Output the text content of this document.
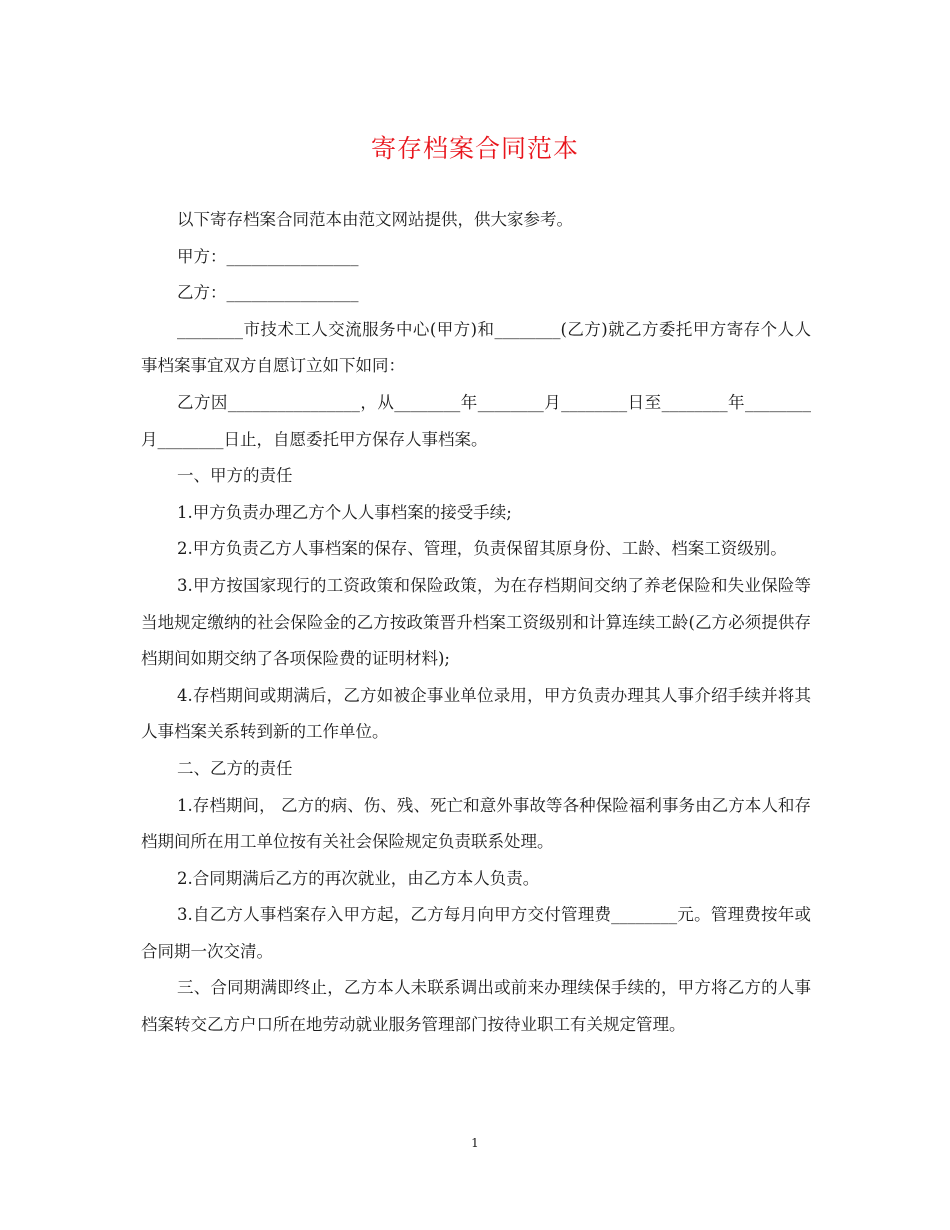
寄存档案合同范本

以下寄存档案合同范本由范文网站提供，供大家参考。

甲方：________________

乙方：________________

________市技术工人交流服务中心(甲方)和________(乙方)就乙方委托甲方寄存个人人事档案事宜双方自愿订立如下如同：

乙方因________________，从________年________月________日至________年________月________日止，自愿委托甲方保存人事档案。

一、甲方的责任

1.甲方负责办理乙方个人人事档案的接受手续;

2.甲方负责乙方人事档案的保存、管理，负责保留其原身份、工龄、档案工资级别。

3.甲方按国家现行的工资政策和保险政策，为在存档期间交纳了养老保险和失业保险等当地规定缴纳的社会保险金的乙方按政策晋升档案工资级别和计算连续工龄(乙方必须提供存档期间如期交纳了各项保险费的证明材料);

4.存档期间或期满后，乙方如被企事业单位录用，甲方负责办理其人事介绍手续并将其人事档案关系转到新的工作单位。

二、乙方的责任

1.存档期间， 乙方的病、伤、残、死亡和意外事故等各种保险福利事务由乙方本人和存档期间所在用工单位按有关社会保险规定负责联系处理。

2.合同期满后乙方的再次就业，由乙方本人负责。

3.自乙方人事档案存入甲方起，乙方每月向甲方交付管理费________元。管理费按年或合同期一次交清。

三、合同期满即终止，乙方本人未联系调出或前来办理续保手续的，甲方将乙方的人事档案转交乙方户口所在地劳动就业服务管理部门按待业职工有关规定管理。

1
